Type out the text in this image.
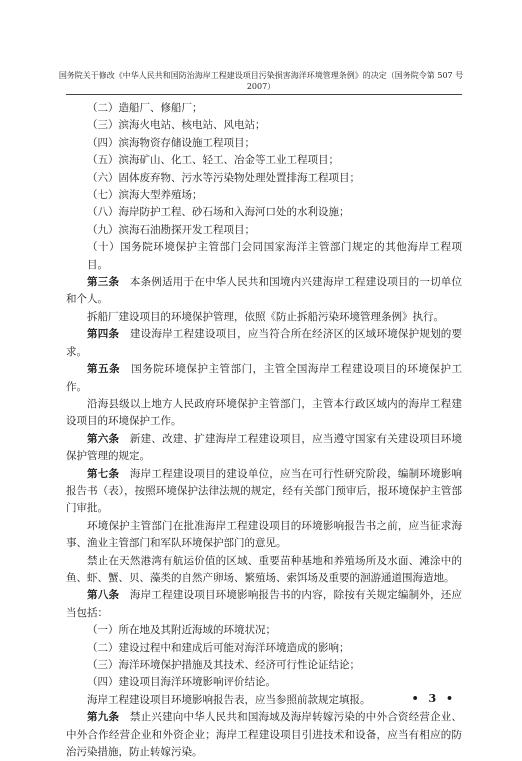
国务院关于修改《中华人民共和国防治海岸工程建设项目污染损害海洋环境管理条例》的决定（国务院令第 507 号
2007）

（二）造船厂、修船厂；

（三）滨海火电站、核电站、风电站；

（四）滨海物资存储设施工程项目；

（五）滨海矿山、化工、轻工、冶金等工业工程项目；

（六）固体废弃物、污水等污染物处理处置排海工程项目；

（七）滨海大型养殖场；

（八）海岸防护工程、砂石场和入海河口处的水利设施；

（九）滨海石油勘探开发工程项目；

（十）国务院环境保护主管部门会同国家海洋主管部门规定的其他海岸工程项目。

第三条　 本条例适用于在中华人民共和国境内兴建海岸工程建设项目的一切单位和个人。

拆船厂建设项目的环境保护管理，依照《防止拆船污染环境管理条例》执行。

第四条　 建设海岸工程建设项目，应当符合所在经济区的区域环境保护规划的要求。

第五条　 国务院环境保护主管部门，主管全国海岸工程建设项目的环境保护工作。

沿海县级以上地方人民政府环境保护主管部门，主管本行政区域内的海岸工程建设项目的环境保护工作。

第六条　 新建、改建、扩建海岸工程建设项目，应当遵守国家有关建设项目环境保护管理的规定。

第七条　 海岸工程建设项目的建设单位，应当在可行性研究阶段，编制环境影响报告书（表），按照环境保护法律法规的规定，经有关部门预审后，报环境保护主管部门审批。

环境保护主管部门在批准海岸工程建设项目的环境影响报告书之前，应当征求海事、渔业主管部门和军队环境保护部门的意见。

禁止在天然港湾有航运价值的区域、重要苗种基地和养殖场所及水面、滩涂中的鱼、虾、蟹、贝、藻类的自然产卵场、繁殖场、索饵场及重要的洄游通道围海造地。

第八条　 海岸工程建设项目环境影响报告书的内容，除按有关规定编制外，还应当包括：

（一）所在地及其附近海域的环境状况；

（二）建设过程中和建成后可能对海洋环境造成的影响；

（三）海洋环境保护措施及其技术、经济可行性论证结论；

（四）建设项目海洋环境影响评价结论。

海岸工程建设项目环境影响报告表，应当参照前款规定填报。

第九条　 禁止兴建向中华人民共和国海域及海岸转嫁污染的中外合资经营企业、中外合作经营企业和外资企业；海岸工程建设项目引进技术和设备，应当有相应的防治污染措施，防止转嫁污染。

• 3 •
